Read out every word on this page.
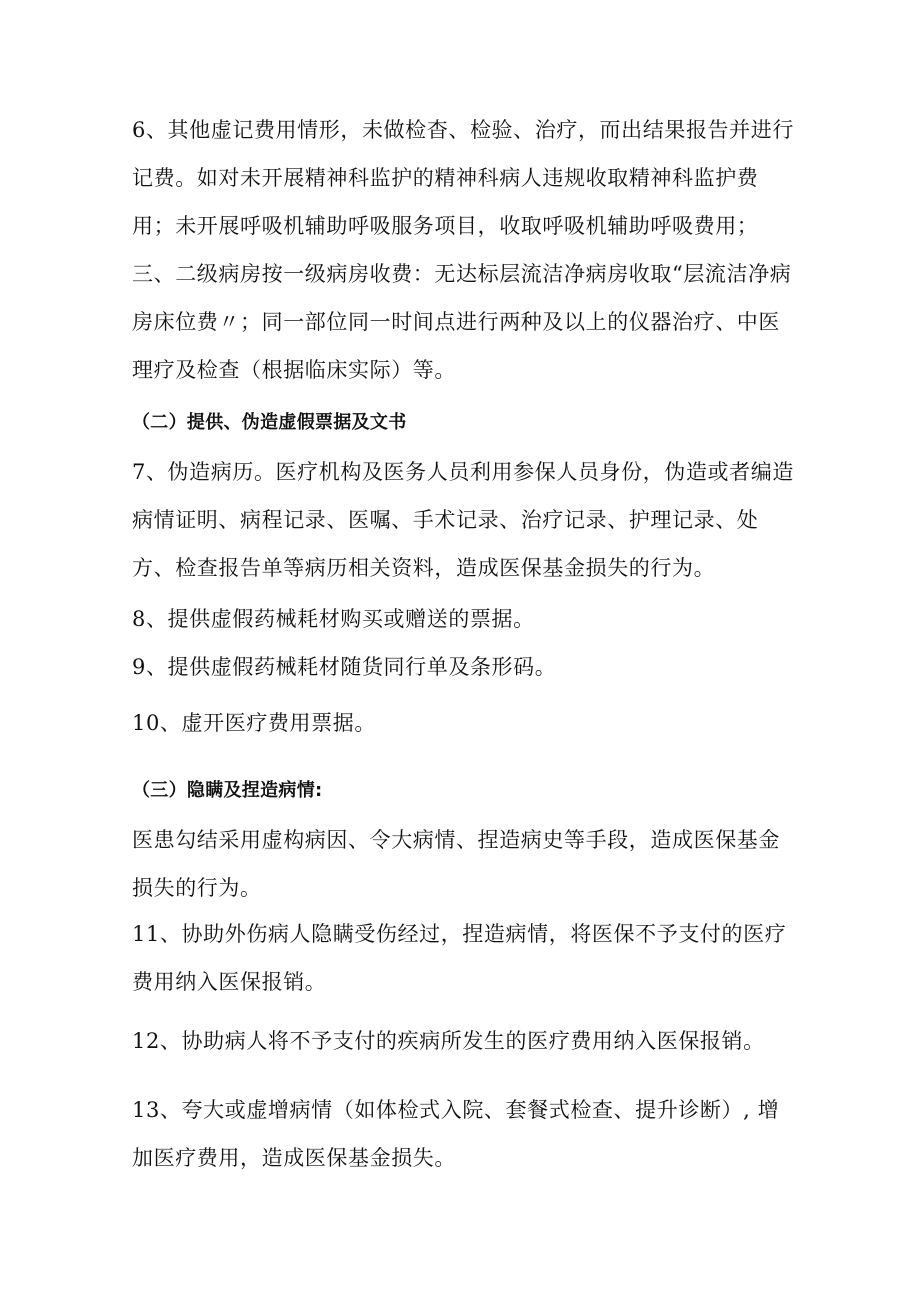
6、其他虚记费用情形，未做检杳、检验、治疗，而出结果报告并进行记费。如对未开展精神科监护的精神科病人违规收取精神科监护费用；未开展呼吸机辅助呼吸服务项目，收取呼吸机辅助呼吸费用；三、二级病房按一级病房收费：无达标层流洁净病房收取“层流洁净病房床位费〃；同一部位同一时间点进行两种及以上的仪器治疗、中医理疗及检查（根据临床实际）等。

（二）提供、伪造虚假票据及文书

7、伪造病历。医疗机构及医务人员利用参保人员身份，伪造或者编造病情证明、病程记录、医嘱、手术记录、治疗记录、护理记录、处方、检查报告单等病历相关资料，造成医保基金损失的行为。

8、提供虚假药械耗材购买或赠送的票据。

9、提供虚假药械耗材随货同行单及条形码。

10、虚开医疗费用票据。

（三）隐瞒及捏造病情:

医患勾结采用虚构病因、令大病情、捏造病史等手段，造成医保基金损失的行为。

11、协助外伤病人隐瞒受伤经过，捏造病情，将医保不予支付的医疗费用纳入医保报销。

12、协助病人将不予支付的疾病所发生的医疗费用纳入医保报销。

13、夸大或虚增病情（如体检式入院、套餐式检查、提升诊断）, 增加医疗费用，造成医保基金损失。
